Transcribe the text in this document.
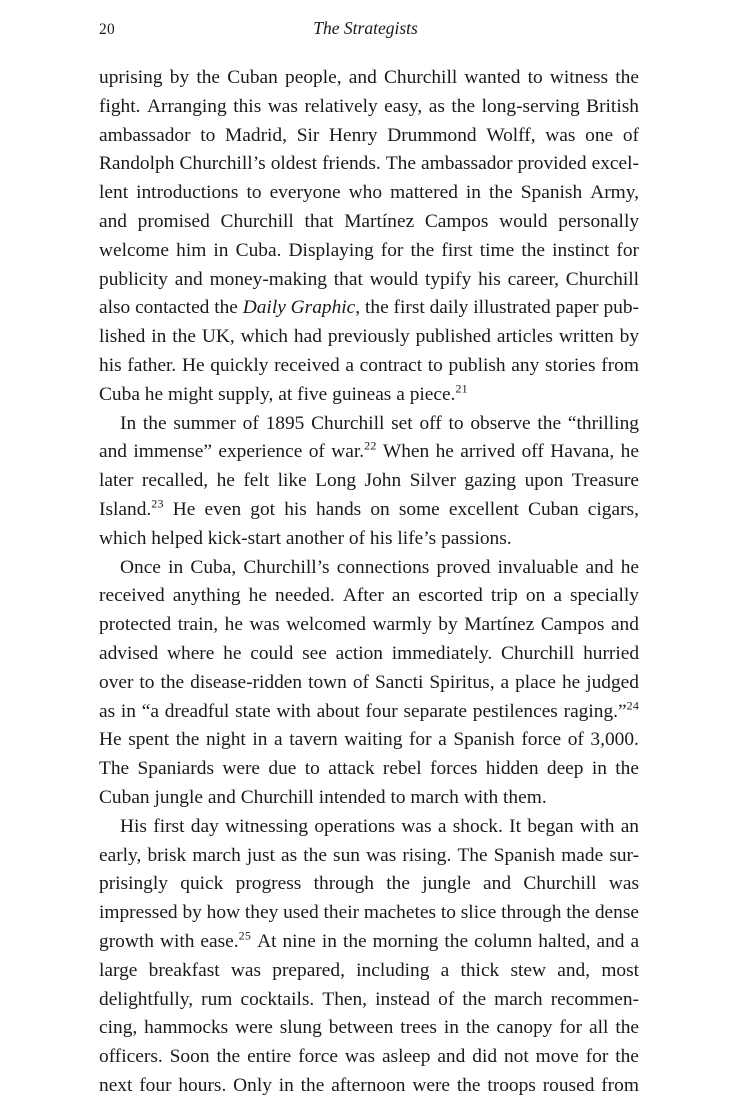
20	The Strategists

uprising by the Cuban people, and Churchill wanted to witness the
fight. Arranging this was relatively easy, as the long-serving British
ambassador to Madrid, Sir Henry Drummond Wolff, was one of
Randolph Churchill’s oldest friends. The ambassador provided excel-
lent introductions to everyone who mattered in the Spanish Army,
and promised Churchill that Martínez Campos would personally
welcome him in Cuba. Displaying for the first time the instinct for
publicity and money-making that would typify his career, Churchill
also contacted the Daily Graphic, the first daily illustrated paper pub-
lished in the UK, which had previously published articles written by
his father. He quickly received a contract to publish any stories from
Cuba he might supply, at five guineas a piece.$^{21}$

In the summer of 1895 Churchill set off to observe the “thrilling
and immense” experience of war.$^{22}$ When he arrived off Havana, he
later recalled, he felt like Long John Silver gazing upon Treasure
Island.$^{23}$ He even got his hands on some excellent Cuban cigars,
which helped kick-start another of his life’s passions.

Once in Cuba, Churchill’s connections proved invaluable and he
received anything he needed. After an escorted trip on a specially
protected train, he was welcomed warmly by Martínez Campos and
advised where he could see action immediately. Churchill hurried
over to the disease-ridden town of Sancti Spiritus, a place he judged
as in “a dreadful state with about four separate pestilences raging.”$^{24}$
He spent the night in a tavern waiting for a Spanish force of 3,000.
The Spaniards were due to attack rebel forces hidden deep in the
Cuban jungle and Churchill intended to march with them.

His first day witnessing operations was a shock. It began with an
early, brisk march just as the sun was rising. The Spanish made sur-
prisingly quick progress through the jungle and Churchill was
impressed by how they used their machetes to slice through the dense
growth with ease.$^{25}$ At nine in the morning the column halted, and a
large breakfast was prepared, including a thick stew and, most
delightfully, rum cocktails. Then, instead of the march recommen-
cing, hammocks were slung between trees in the canopy for all the
officers. Soon the entire force was asleep and did not move for the
next four hours. Only in the afternoon were the troops roused from
